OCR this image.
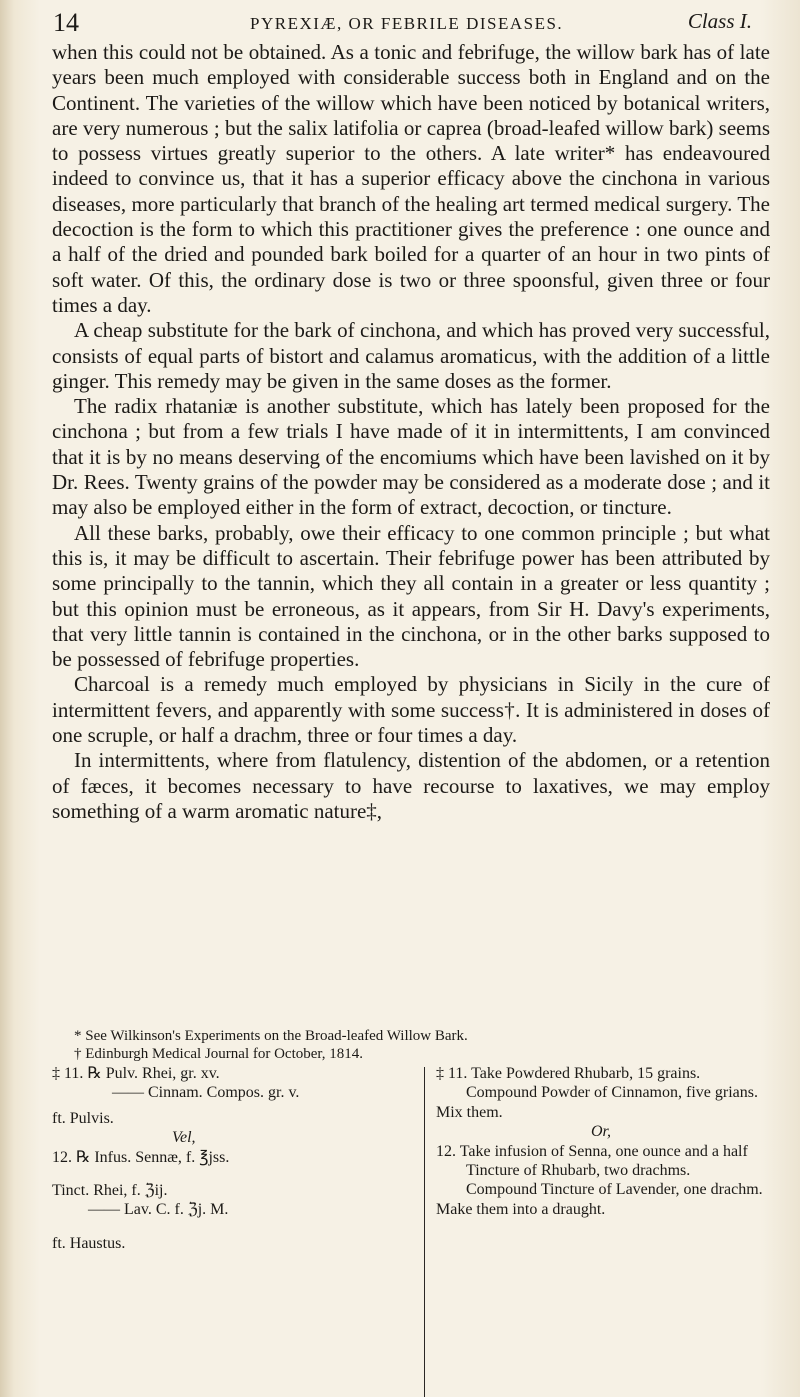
14	PYREXIÆ, OR FEBRILE DISEASES.	Class I.

when this could not be obtained. As a tonic and febrifuge, the willow bark has of late years been much employed with considerable success both in England and on the Continent. The varieties of the willow which have been noticed by botanical writers, are very numerous ; but the salix latifolia or caprea (broad-leafed willow bark) seems to possess virtues greatly superior to the others. A late writer* has endeavoured indeed to convince us, that it has a superior efficacy above the cinchona in various diseases, more particularly that branch of the healing art termed medical surgery. The decoction is the form to which this practitioner gives the preference : one ounce and a half of the dried and pounded bark boiled for a quarter of an hour in two pints of soft water. Of this, the ordinary dose is two or three spoonsful, given three or four times a day.

A cheap substitute for the bark of cinchona, and which has proved very successful, consists of equal parts of bistort and calamus aromaticus, with the addition of a little ginger. This remedy may be given in the same doses as the former.

The radix rhataniæ is another substitute, which has lately been proposed for the cinchona ; but from a few trials I have made of it in intermittents, I am convinced that it is by no means deserving of the encomiums which have been lavished on it by Dr. Rees. Twenty grains of the powder may be considered as a moderate dose ; and it may also be employed either in the form of extract, decoction, or tincture.

All these barks, probably, owe their efficacy to one common principle ; but what this is, it may be difficult to ascertain. Their febrifuge power has been attributed by some principally to the tannin, which they all contain in a greater or less quantity ; but this opinion must be erroneous, as it appears, from Sir H. Davy's experiments, that very little tannin is contained in the cinchona, or in the other barks supposed to be possessed of febrifuge properties.

Charcoal is a remedy much employed by physicians in Sicily in the cure of intermittent fevers, and apparently with some success†. It is administered in doses of one scruple, or half a drachm, three or four times a day.

In intermittents, where from flatulency, distention of the abdomen, or a retention of fæces, it becomes necessary to have recourse to laxatives, we may employ something of a warm aromatic nature‡,

* See Wilkinson's Experiments on the Broad-leafed Willow Bark.

† Edinburgh Medical Journal for October, 1814.

‡ 11. ℞ Pulv. Rhei, gr. xv.
—— Cinnam. Compos. gr. v.
ft. Pulvis.
Vel,
12. ℞ Infus. Sennæ, f. ℥jss.
Tinct. Rhei, f. ℨij.
—— Lav. C. f. ℨj. M.
ft. Haustus.
‡ 11. Take Powdered Rhubarb, 15 grains.
Compound Powder of Cinnamon, five grians.
Mix them.
Or,
12. Take infusion of Senna, one ounce and a half
Tincture of Rhubarb, two drachms.
Compound Tincture of Lavender, one drachm.
Make them into a draught.
